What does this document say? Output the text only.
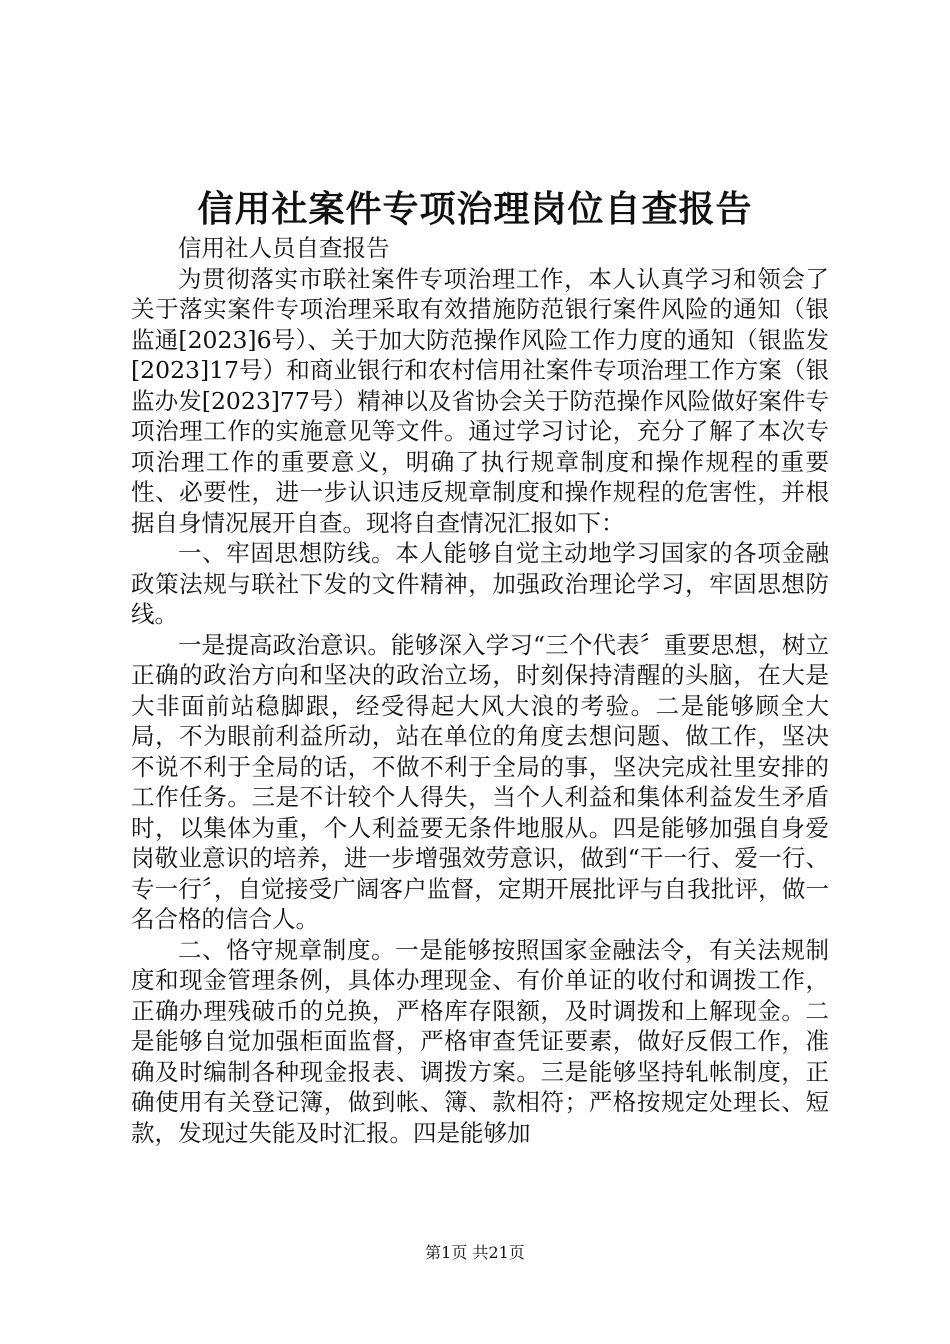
信用社案件专项治理岗位自查报告

信用社人员自查报告

为贯彻落实市联社案件专项治理工作，本人认真学习和领会了关于落实案件专项治理采取有效措施防范银行案件风险的通知（银监通[2023]6号）、关于加大防范操作风险工作力度的通知（银监发[2023]17号）和商业银行和农村信用社案件专项治理工作方案（银监办发[2023]77号）精神以及省协会关于防范操作风险做好案件专项治理工作的实施意见等文件。通过学习讨论，充分了解了本次专项治理工作的重要意义，明确了执行规章制度和操作规程的重要性、必要性，进一步认识违反规章制度和操作规程的危害性，并根据自身情况展开自查。现将自查情况汇报如下：

一、牢固思想防线。本人能够自觉主动地学习国家的各项金融政策法规与联社下发的文件精神，加强政治理论学习，牢固思想防线。

一是提高政治意识。能够深入学习“三个代表〞重要思想，树立正确的政治方向和坚决的政治立场，时刻保持清醒的头脑，在大是大非面前站稳脚跟，经受得起大风大浪的考验。二是能够顾全大局，不为眼前利益所动，站在单位的角度去想问题、做工作，坚决不说不利于全局的话，不做不利于全局的事，坚决完成社里安排的工作任务。三是不计较个人得失，当个人利益和集体利益发生矛盾时，以集体为重，个人利益要无条件地服从。四是能够加强自身爱岗敬业意识的培养，进一步增强效劳意识，做到“干一行、爱一行、专一行〞，自觉接受广阔客户监督，定期开展批评与自我批评，做一名合格的信合人。

二、恪守规章制度。一是能够按照国家金融法令，有关法规制度和现金管理条例，具体办理现金、有价单证的收付和调拨工作，正确办理残破币的兑换，严格库存限额，及时调拨和上解现金。二是能够自觉加强柜面监督，严格审查凭证要素，做好反假工作，准确及时编制各种现金报表、调拨方案。三是能够坚持轧帐制度，正确使用有关登记簿，做到帐、簿、款相符；严格按规定处理长、短款，发现过失能及时汇报。四是能够加

第1页 共21页
